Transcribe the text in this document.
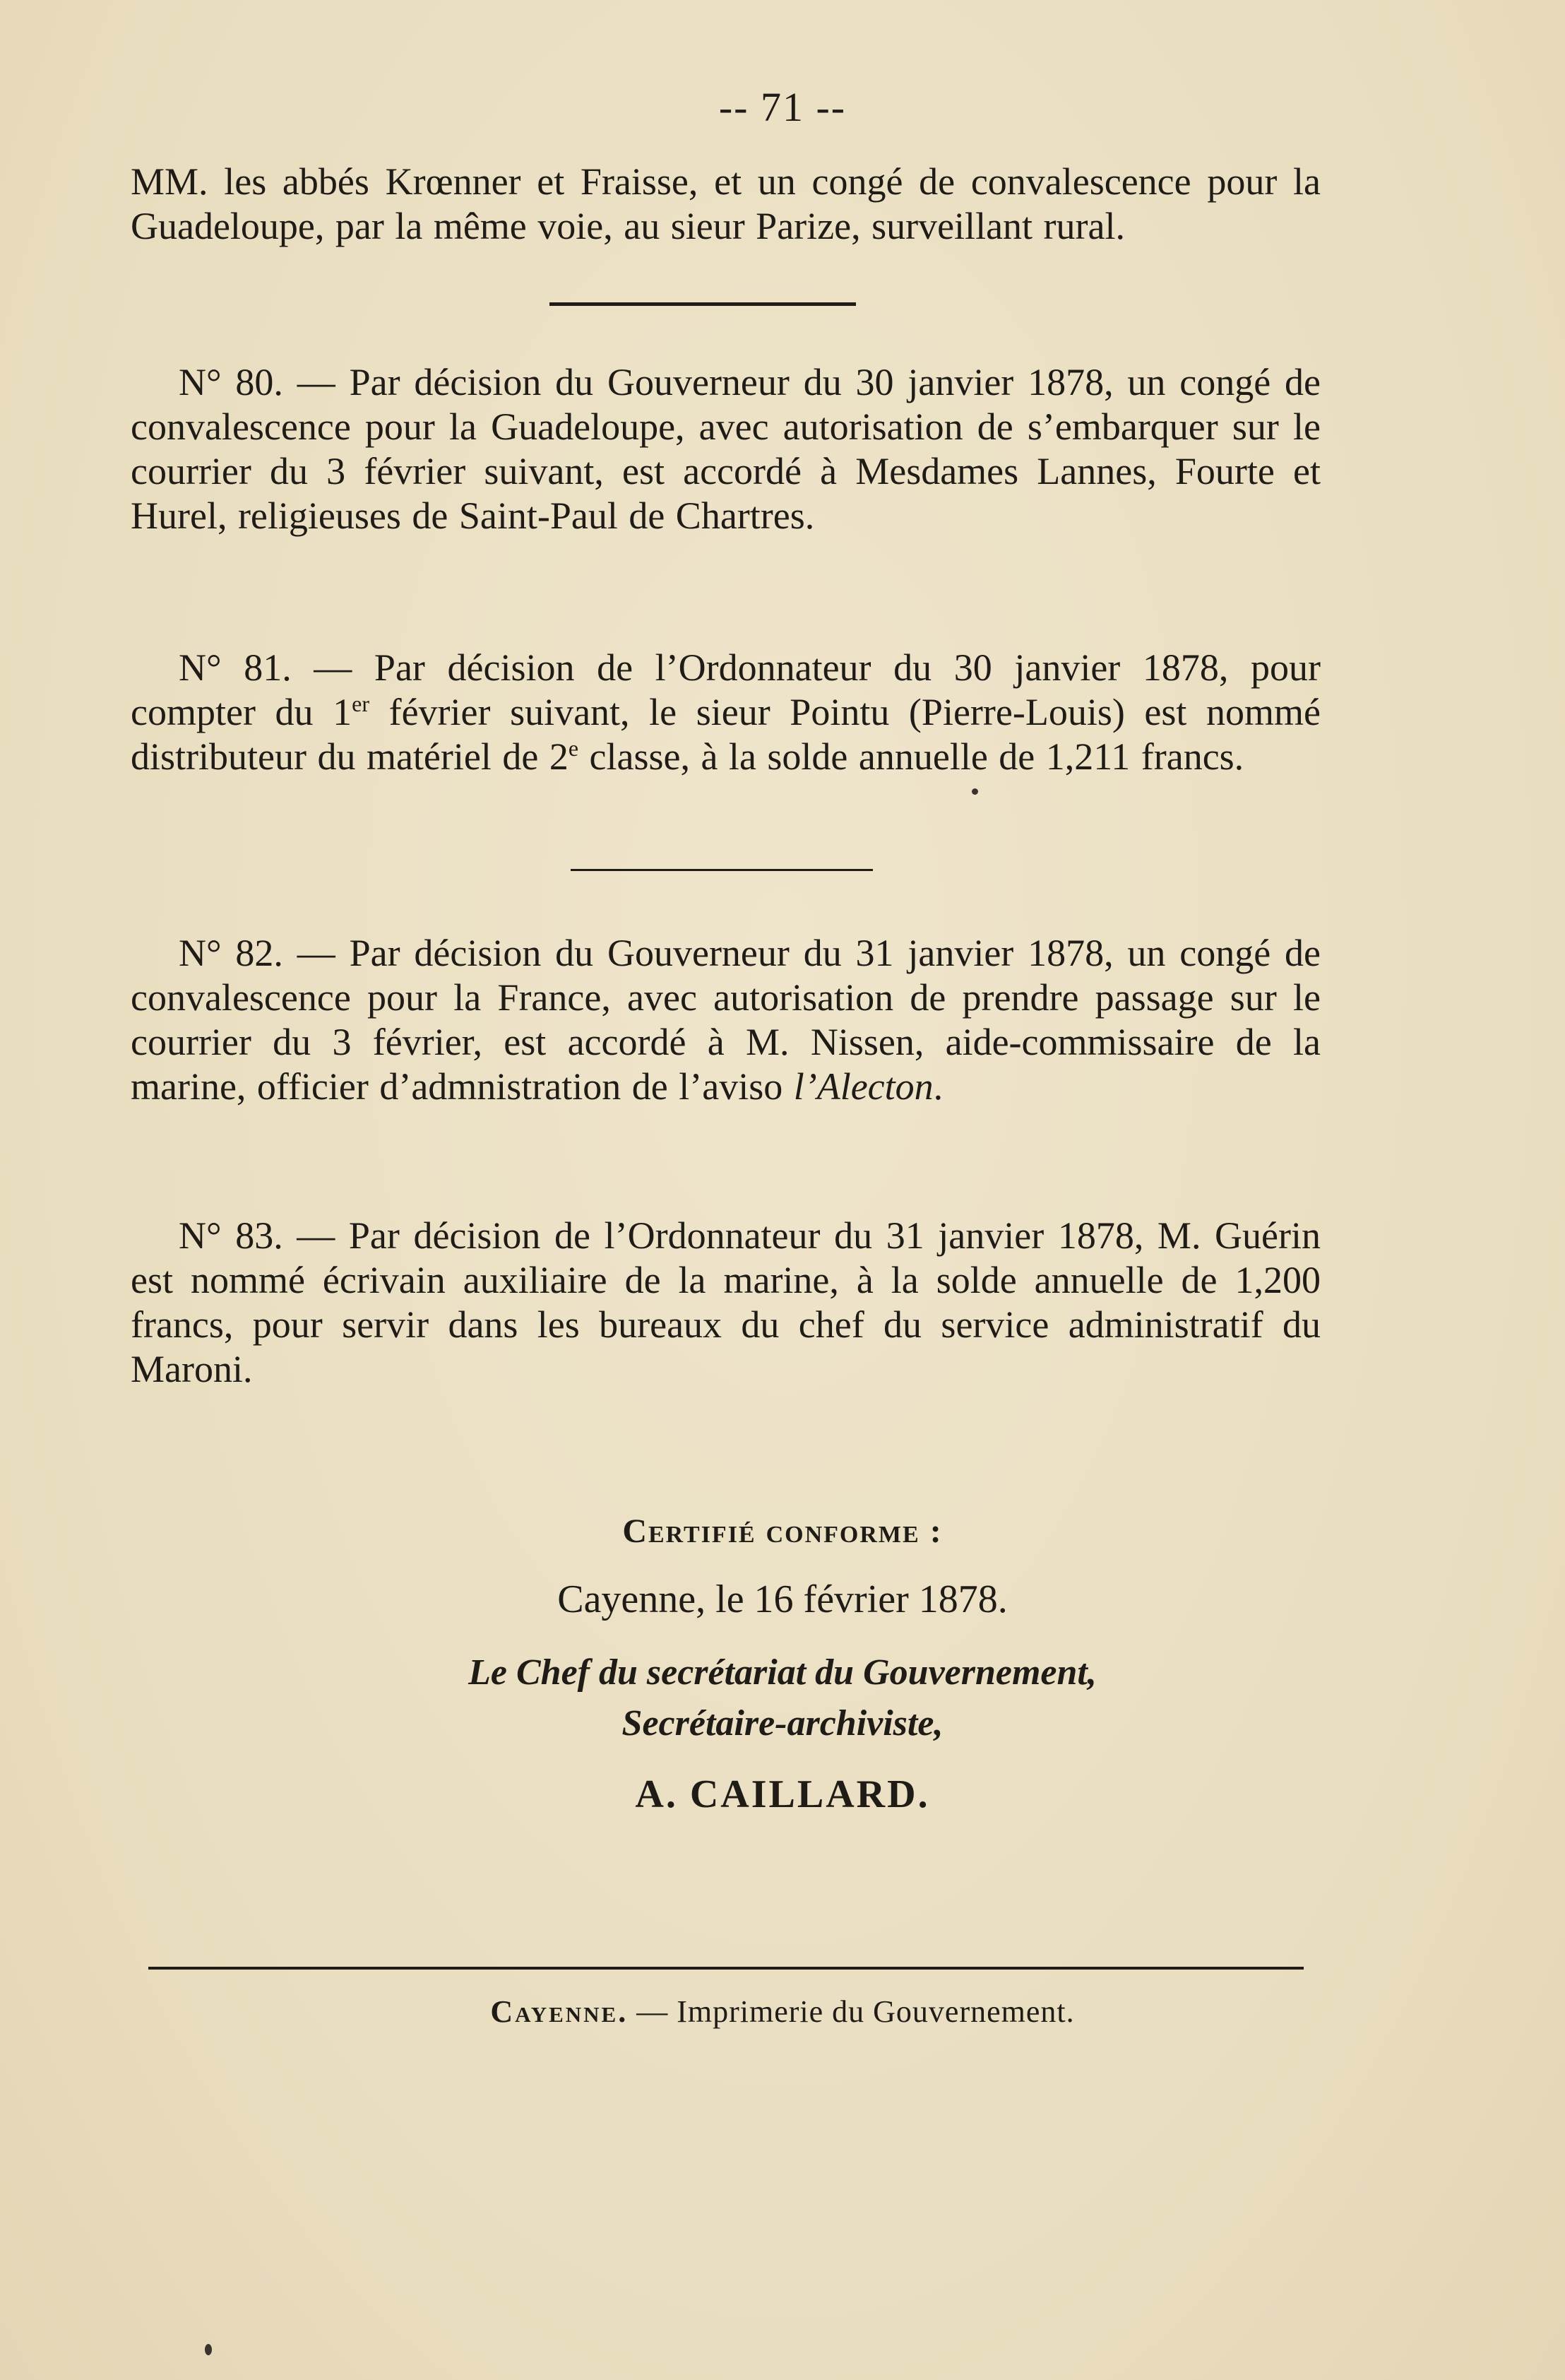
-- 71 --

MM. les abbés Krœnner et Fraisse, et un congé de convalescence pour la Guadeloupe, par la même voie, au sieur Parize, surveillant rural.

N° 80. — Par décision du Gouverneur du 30 janvier 1878, un congé de convalescence pour la Guadeloupe, avec autorisation de s’embarquer sur le courrier du 3 février suivant, est accordé à Mesdames Lannes, Fourte et Hurel, religieuses de Saint-Paul de Chartres.

N° 81. — Par décision de l’Ordonnateur du 30 janvier 1878, pour compter du 1er février suivant, le sieur Pointu (Pierre-Louis) est nommé distributeur du matériel de 2e classe, à la solde annuelle de 1,211 francs.

N° 82. — Par décision du Gouverneur du 31 janvier 1878, un congé de convalescence pour la France, avec autorisation de prendre passage sur le courrier du 3 février, est accordé à M. Nissen, aide-commissaire de la marine, officier d’admnistration de l’aviso l’Alecton.

N° 83. — Par décision de l’Ordonnateur du 31 janvier 1878, M. Guérin est nommé écrivain auxiliaire de la marine, à la solde annuelle de 1,200 francs, pour servir dans les bureaux du chef du service administratif du Maroni.

Certifié conforme :
Cayenne, le 16 février 1878.
Le Chef du secrétariat du Gouvernement,
Secrétaire-archiviste,
A. CAILLARD.
Cayenne. — Imprimerie du Gouvernement.
